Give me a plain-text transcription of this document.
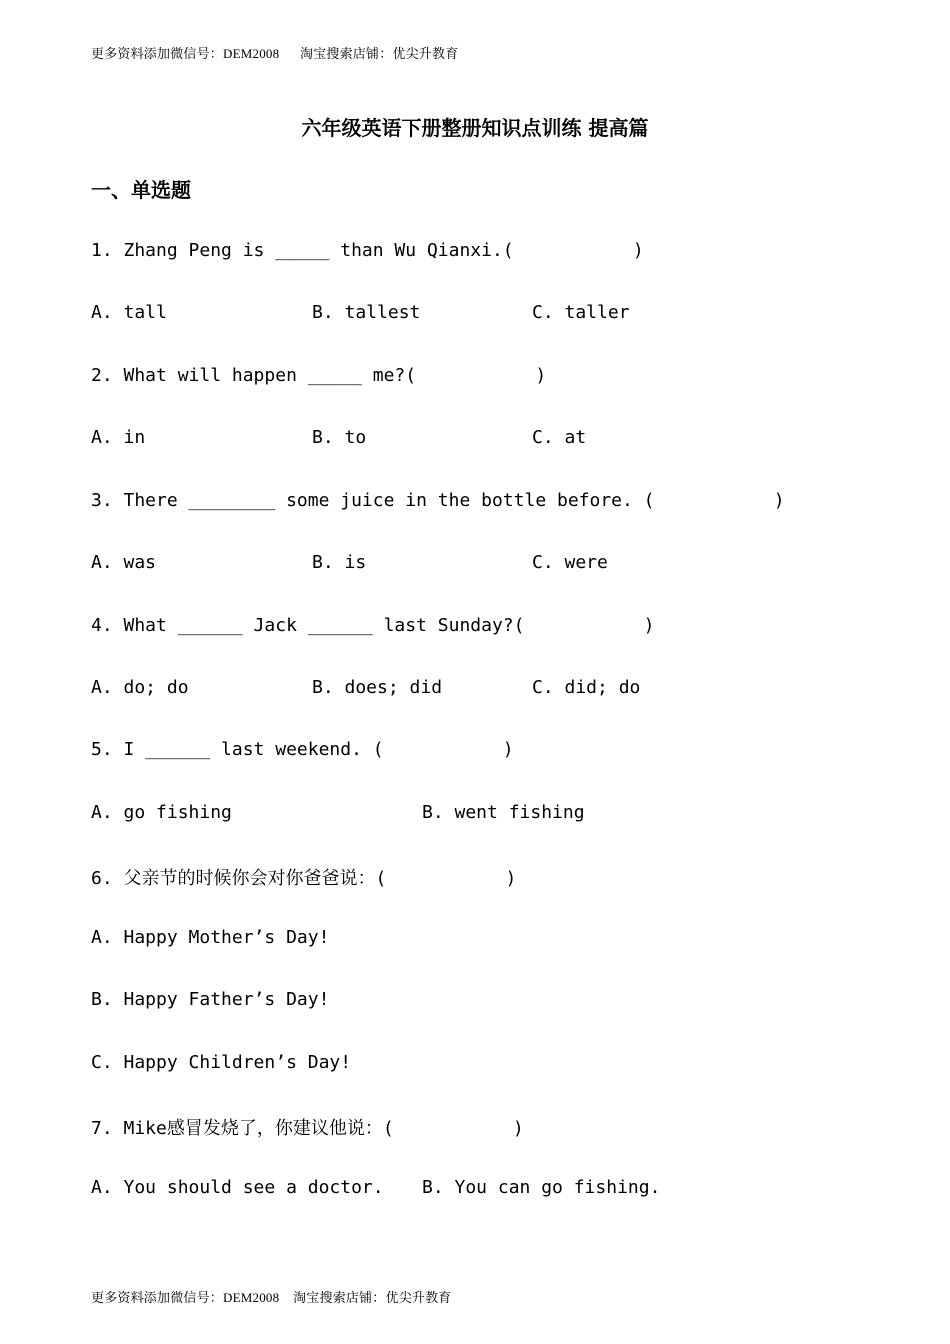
更多资料添加微信号：DEM2008      淘宝搜索店铺：优尖升教育
六年级英语下册整册知识点训练 提高篇
一、单选题
1. Zhang Peng is _____ than Wu Qianxi.(           )
A. tall	B. tallest	C. taller
2. What will happen _____ me?(           )
A. in	B. to	C. at
3. There ________ some juice in the bottle before. (           )
A. was	B. is	C. were
4. What ______ Jack ______ last Sunday?(           )
A. do; do	B. does; did	C. did; do
5. I ______ last weekend. (           )
A. go fishing	B. went fishing
6. 父亲节的时候你会对你爸爸说：(           )
A. Happy Mother’s Day!
B. Happy Father’s Day!
C. Happy Children’s Day!
7. Mike感冒发烧了，你建议他说：(           )
A. You should see a doctor. B. You can go fishing.
更多资料添加微信号：DEM2008    淘宝搜索店铺：优尖升教育
